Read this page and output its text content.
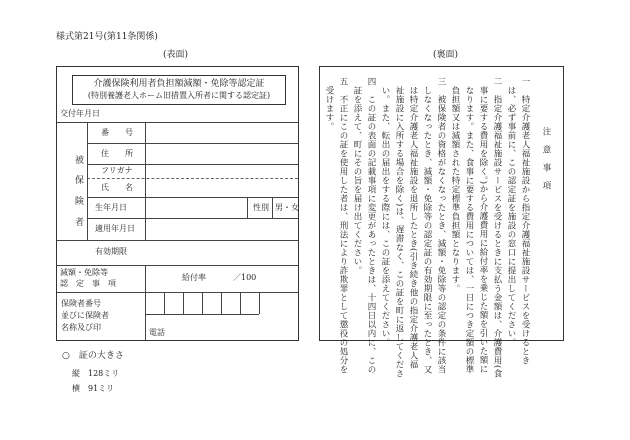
様式第21号(第11条関係)
(表面)	(裏面)
介護保険利用者負担額減額・免除等認定証
(特別養護老人ホーム旧措置入所者に関する認定証)
交付年月日
被
保
険
者
番　　号
住　　所
フリガナ
氏　　名
生年月日	性別 男・女
適用年月日
有効期限
減額・免除等
認　定　事　項
給付率	／100
保険者番号
並びに保険者
名称及び印
電話
注　意　事　項
一　特定介護老人福祉施設から指定介護福祉施設サービスを受けるとき
　は、必ず事前に、この認定証を施設の窓口に提出してください。
二　指定介護福祉施設サービスを受けるときに支払う金額は、介護費用(食
　事に要する費用を除く。)から介護費用に給付率を乗じた額を引いた額に
　なります。また、食事に要する費用については、一日につき定額の標準
　負担額又は減額された特定標準負担額となります。
三　被保険者の資格がなくなったとき、減額・免除等の認定の条件に該当
　しなくなったとき、減額・免除等の認定証の有効期限に至ったとき、又
　は特定介護老人福祉施設を退所したとき(引き続き他の指定介護老人福
　祉施設に入所する場合を除く)は、遅滞なく、この証を町に返してくださ
　い。また、転出の届出をする際には、この証を添えてください。
四　この証の表面の記載事項に変更があったときは、十四日以内に、この
　証を添えて、町にその旨を届け出てください。
五　不正にこの証を使用した者は、刑法により詐欺罪として懲役の処分を
　受けます。
○　証の大きさ
縦　128ミリ
横　91ミリ
